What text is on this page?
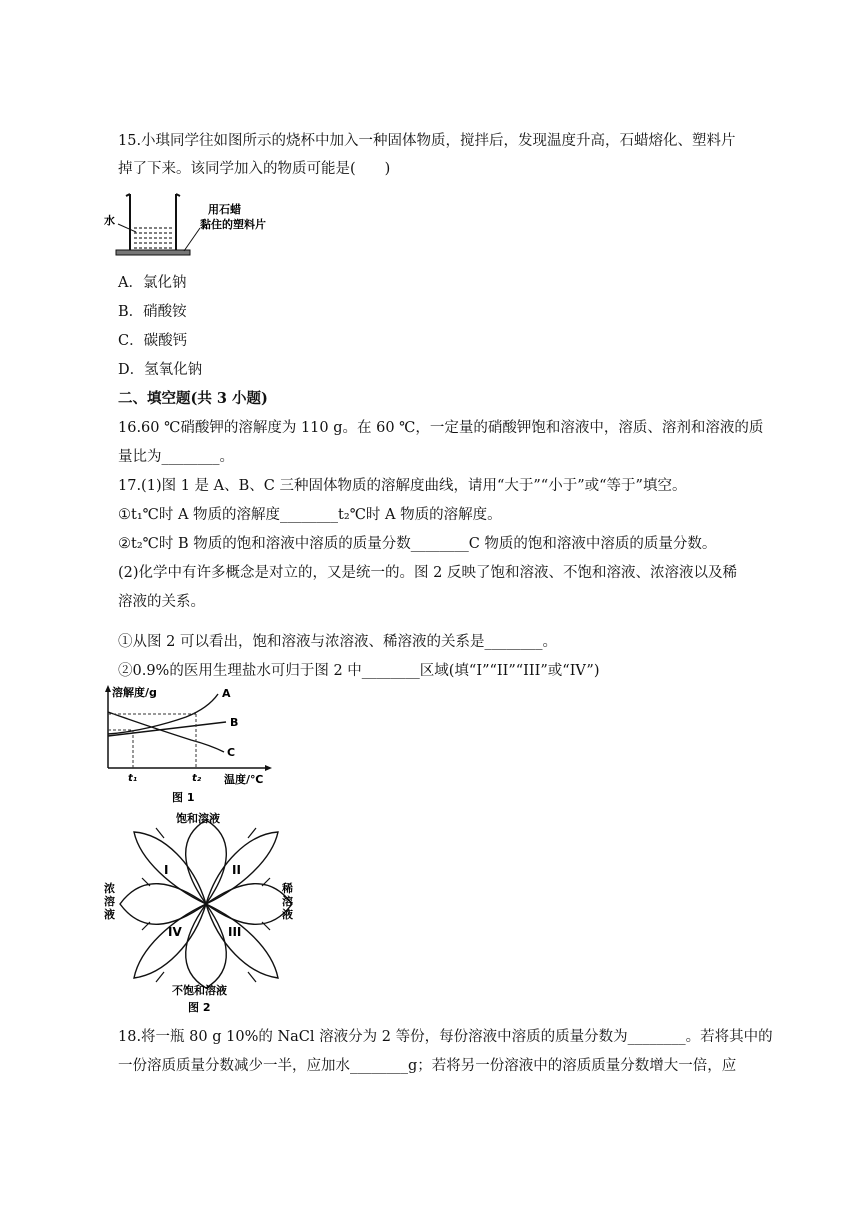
15.小琪同学往如图所示的烧杯中加入一种固体物质，搅拌后，发现温度升高，石蜡熔化、塑料片
掉了下来。该同学加入的物质可能是(　　)
水
用石蜡
黏住的塑料片
A．氯化钠
B．硝酸铵
C．碳酸钙
D．氢氧化钠
二、填空题(共 3 小题)
16.60 ℃硝酸钾的溶解度为 110 g。在 60 ℃，一定量的硝酸钾饱和溶液中，溶质、溶剂和溶液的质
量比为________。
17.(1)图 1 是 A、B、C 三种固体物质的溶解度曲线，请用“大于”“小于”或“等于”填空。
①t₁℃时 A 物质的溶解度________t₂℃时 A 物质的溶解度。
②t₂℃时 B 物质的饱和溶液中溶质的质量分数________C 物质的饱和溶液中溶质的质量分数。
(2)化学中有许多概念是对立的，又是统一的。图 2 反映了饱和溶液、不饱和溶液、浓溶液以及稀
溶液的关系。
①从图 2 可以看出，饱和溶液与浓溶液、稀溶液的关系是________。
②0.9%的医用生理盐水可归于图 2 中________区域(填“I”“II”“III”或“IV”)
溶解度/g	A
B
C
t₁	t₂ 温度/℃
图 1
饱和溶液
不饱和溶液
浓
溶
液
稀
溶
液
I	II
III
IV
图 2
18.将一瓶 80 g 10%的 NaCl 溶液分为 2 等份，每份溶液中溶质的质量分数为________。若将其中的
一份溶质质量分数减少一半，应加水________g；若将另一份溶液中的溶质质量分数增大一倍，应
